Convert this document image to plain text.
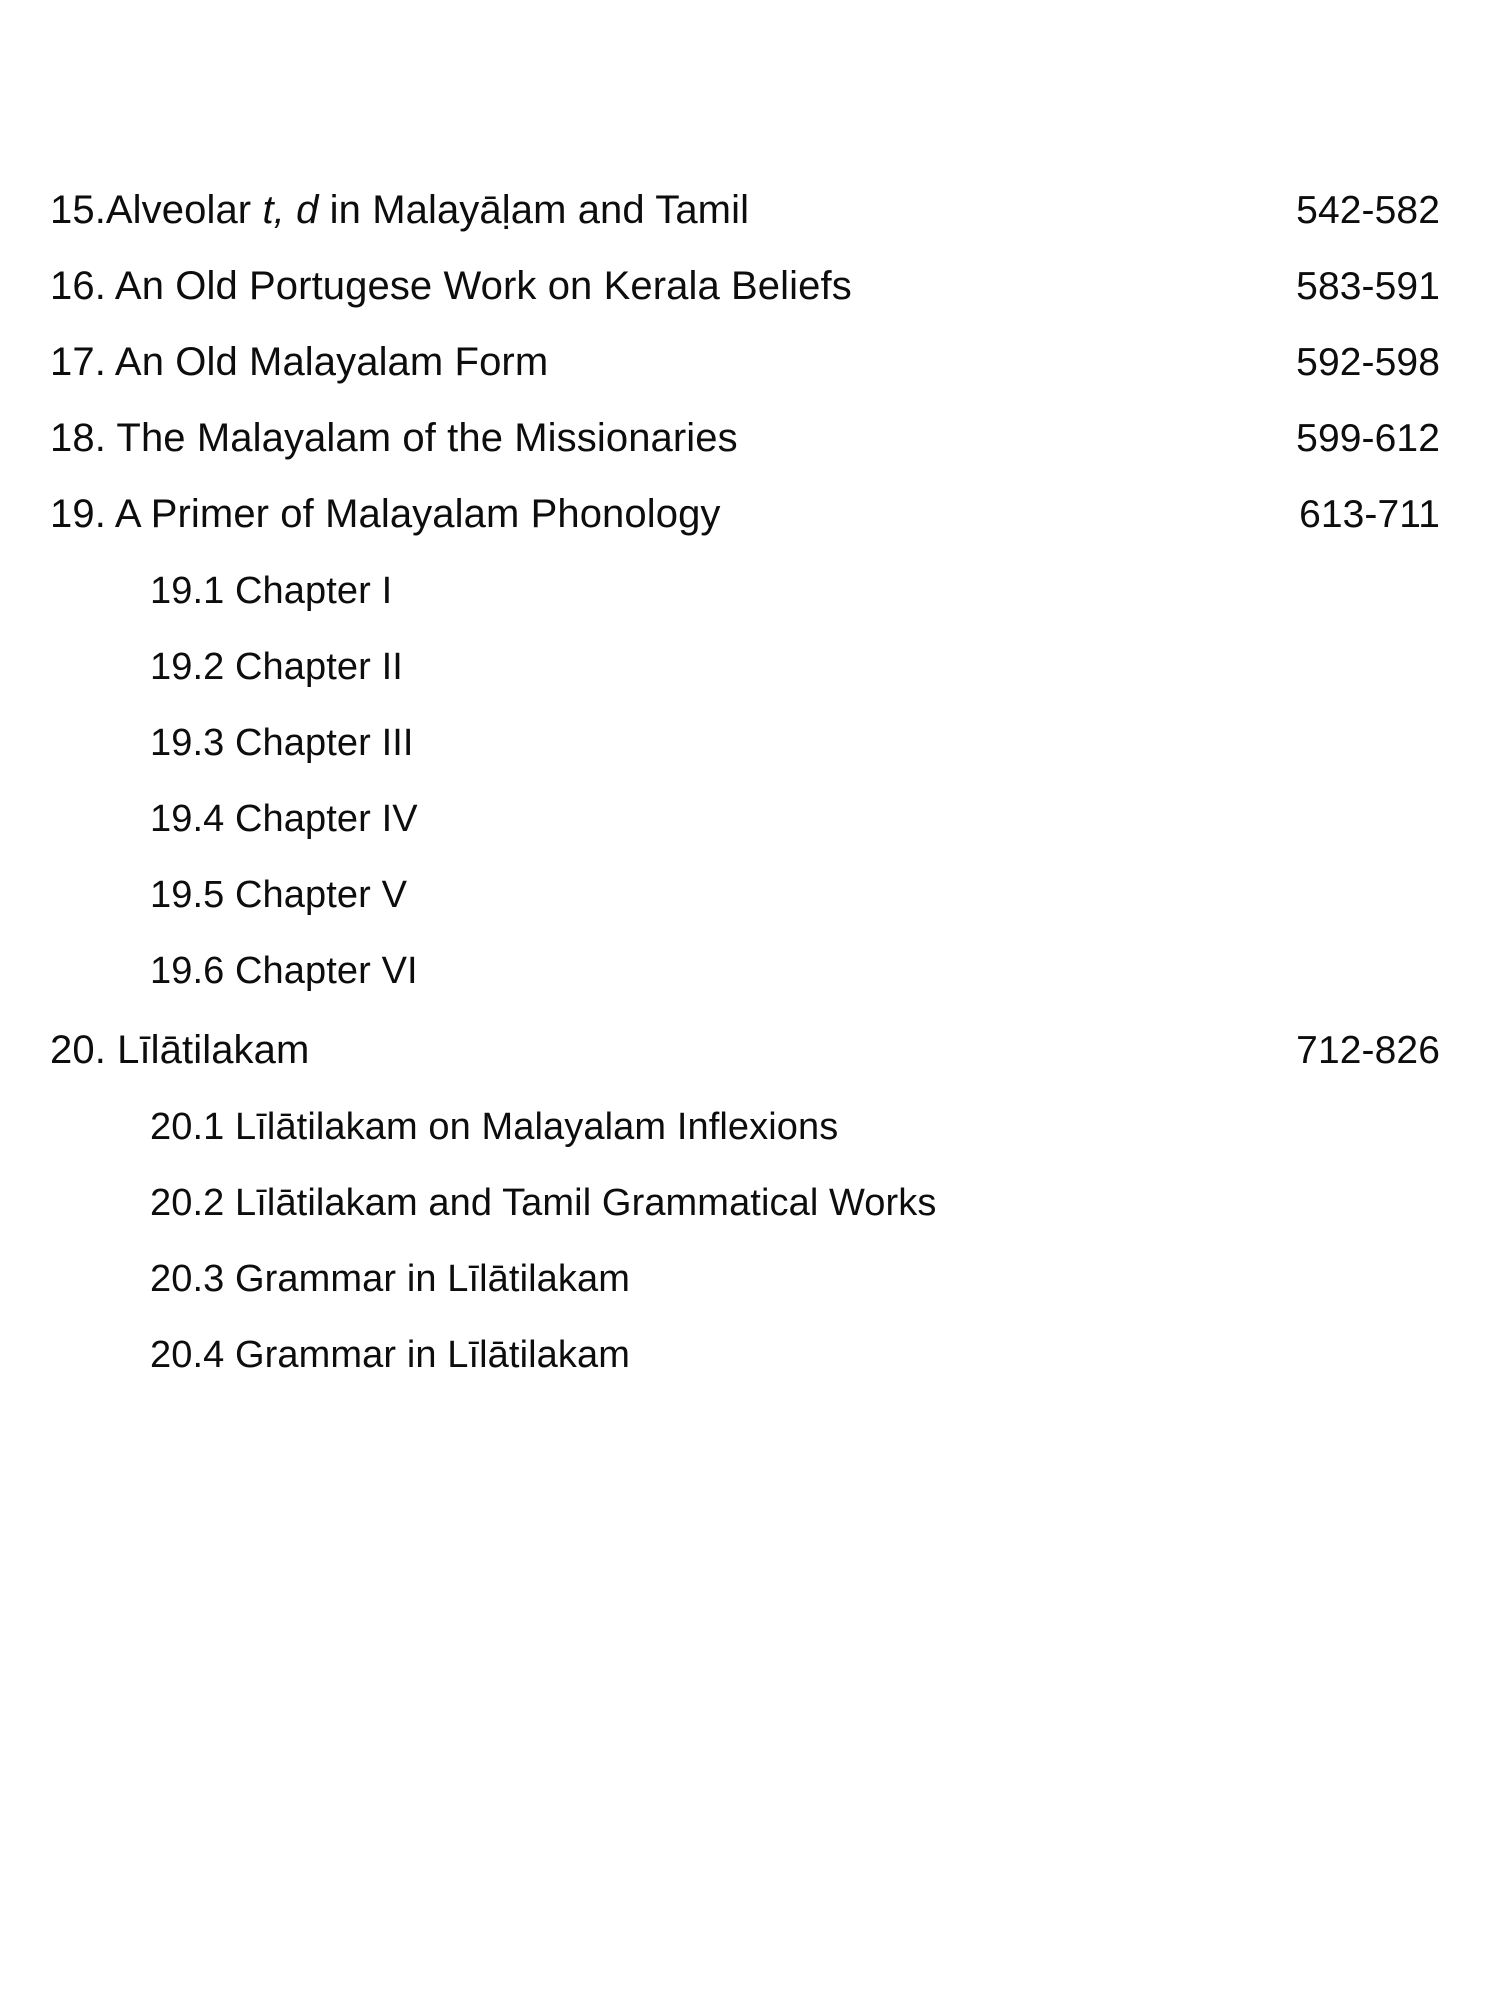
15.Alveolar t, d in Malayāḷam and Tamil	542-582
16. An Old Portugese Work on Kerala Beliefs	583-591
17. An Old Malayalam Form	592-598
18. The Malayalam of the Missionaries	599-612
19. A Primer of Malayalam Phonology	613-711
19.1 Chapter I
19.2 Chapter II
19.3 Chapter III
19.4 Chapter IV
19.5 Chapter V
19.6 Chapter VI
20. Līlātilakam	712-826
20.1 Līlātilakam on Malayalam Inflexions
20.2 Līlātilakam and Tamil Grammatical Works
20.3 Grammar in Līlātilakam
20.4 Grammar in Līlātilakam
